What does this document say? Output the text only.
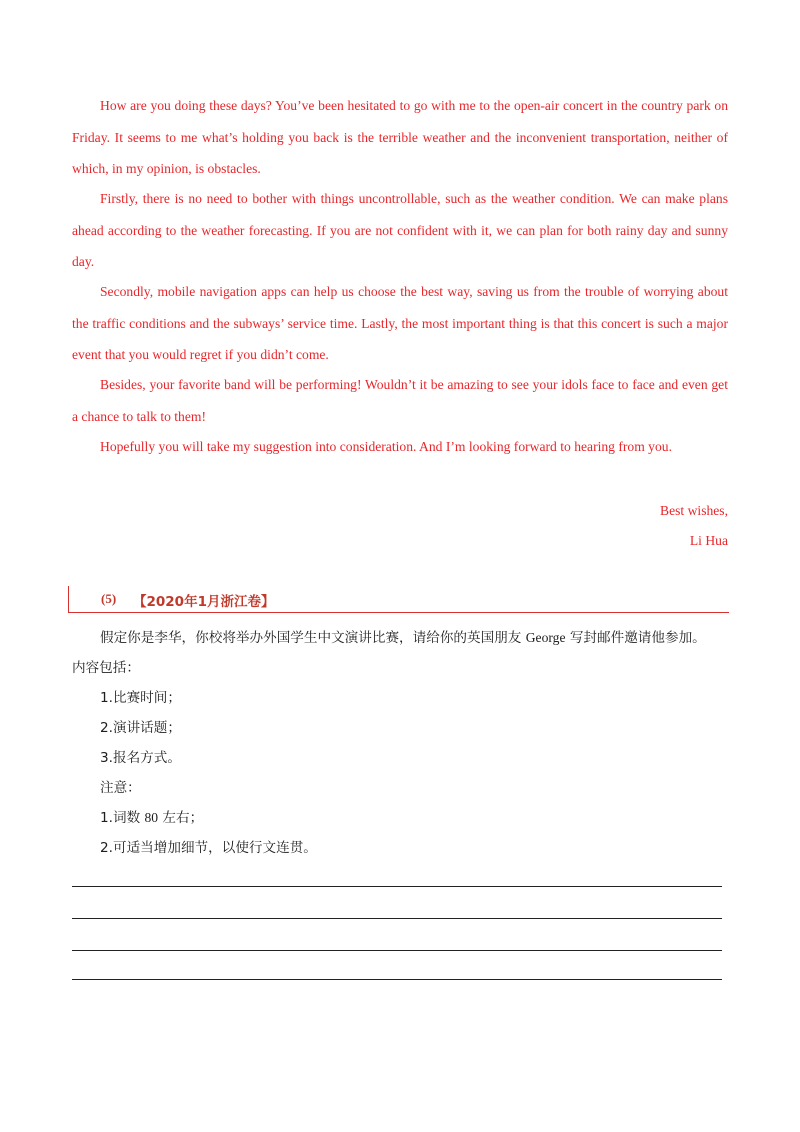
How are you doing these days? You’ve been hesitated to go with me to the open-air concert in the country park on Friday. It seems to me what’s holding you back is the terrible weather and the inconvenient transportation, neither of which, in my opinion, is obstacles.

Firstly, there is no need to bother with things uncontrollable, such as the weather condition. We can make plans ahead according to the weather forecasting. If you are not confident with it, we can plan for both rainy day and sunny day.

Secondly, mobile navigation apps can help us choose the best way, saving us from the trouble of worrying about the traffic conditions and the subways’ service time. Lastly, the most important thing is that this concert is such a major event that you would regret if you didn’t come.

Besides, your favorite band will be performing! Wouldn’t it be amazing to see your idols face to face and even get a chance to talk to them!

Hopefully you will take my suggestion into consideration. And I’m looking forward to hearing from you.

Best wishes,
Li Hua
(5) 【2020年1月浙江卷】
假定你是李华，你校将举办外国学生中文演讲比赛，请给你的英国朋友 George 写封邮件邀请他参加。
内容包括：
1.比赛时间；
2.演讲话题；
3.报名方式。
注意：
1.词数 80 左右；
2.可适当增加细节，以使行文连贯。
